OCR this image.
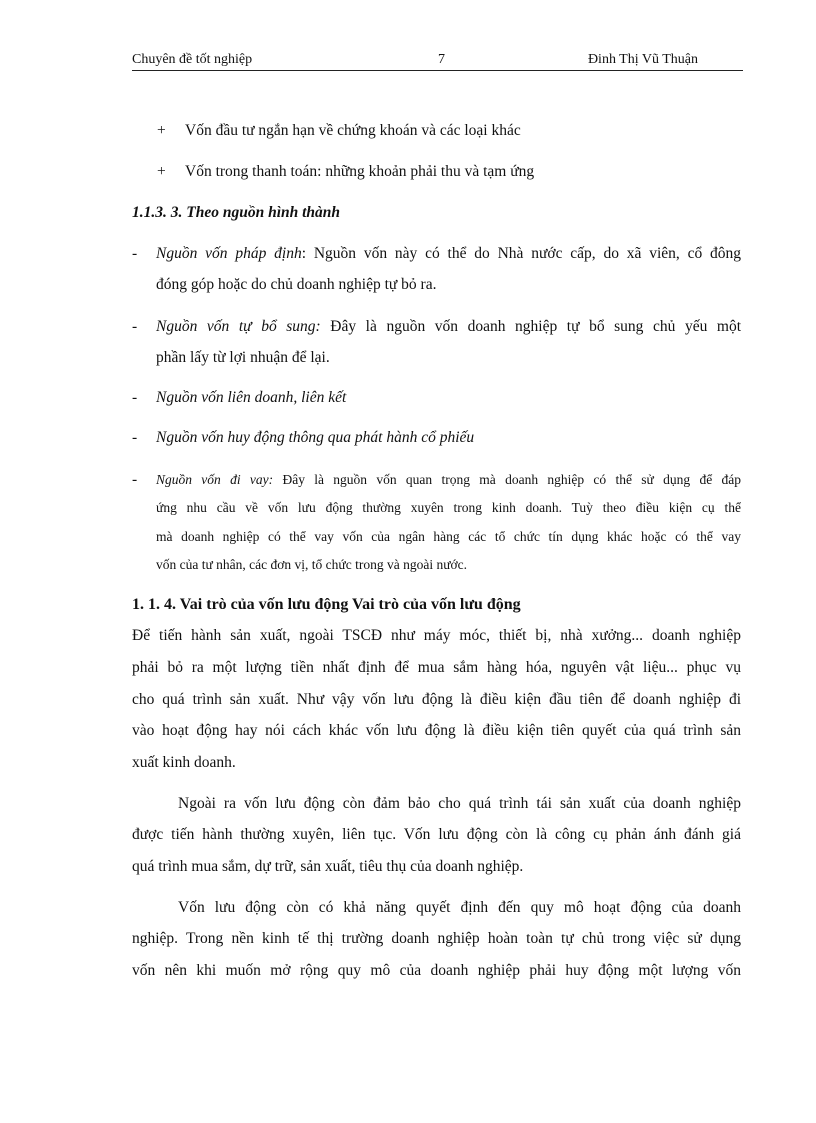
Chuyên đề tốt nghiệp	7	Đinh Thị Vũ Thuận
+ Vốn đầu tư ngắn hạn về chứng khoán và các loại khác
+ Vốn trong thanh toán: những khoản phải thu và tạm ứng
1.1.3. 3. Theo nguồn hình thành
- Nguồn vốn pháp định: Nguồn vốn này có thể do Nhà nước cấp, do xã viên, cổ đông
đóng góp hoặc do chủ doanh nghiệp tự bỏ ra.
- Nguồn vốn tự bổ sung: Đây là nguồn vốn doanh nghiệp tự bổ sung chủ yếu một
phần lấy từ lợi nhuận để lại.
- Nguồn vốn liên doanh, liên kết
- Nguồn vốn huy động thông qua phát hành cổ phiếu
- Nguồn vốn đi vay: Đây là nguồn vốn quan trọng mà doanh nghiệp có thể sử dụng để đáp
ứng nhu cầu về vốn lưu động thường xuyên trong kinh doanh. Tuỳ theo điều kiện cụ thể
mà doanh nghiệp có thể vay vốn của ngân hàng các tổ chức tín dụng khác hoặc có thể vay
vốn của tư nhân, các đơn vị, tổ chức trong và ngoài nước.
1. 1. 4. Vai trò của vốn lưu động Vai trò của vốn lưu động
Để tiến hành sản xuất, ngoài TSCĐ như máy móc, thiết bị, nhà xưởng... doanh nghiệp
phải bỏ ra một lượng tiền nhất định để mua sắm hàng hóa, nguyên vật liệu... phục vụ
cho quá trình sản xuất. Như vậy vốn lưu động là điều kiện đầu tiên để doanh nghiệp đi
vào hoạt động hay nói cách khác vốn lưu động là điều kiện tiên quyết của quá trình sản
xuất kinh doanh.
Ngoài ra vốn lưu động còn đảm bảo cho quá trình tái sản xuất của doanh nghiệp
được tiến hành thường xuyên, liên tục. Vốn lưu động còn là công cụ phản ánh đánh giá
quá trình mua sắm, dự trữ, sản xuất, tiêu thụ của doanh nghiệp.
Vốn lưu động còn có khả năng quyết định đến quy mô hoạt động của doanh
nghiệp. Trong nền kinh tế thị trường doanh nghiệp hoàn toàn tự chủ trong việc sử dụng
vốn nên khi muốn mở rộng quy mô của doanh nghiệp phải huy động một lượng vốn
